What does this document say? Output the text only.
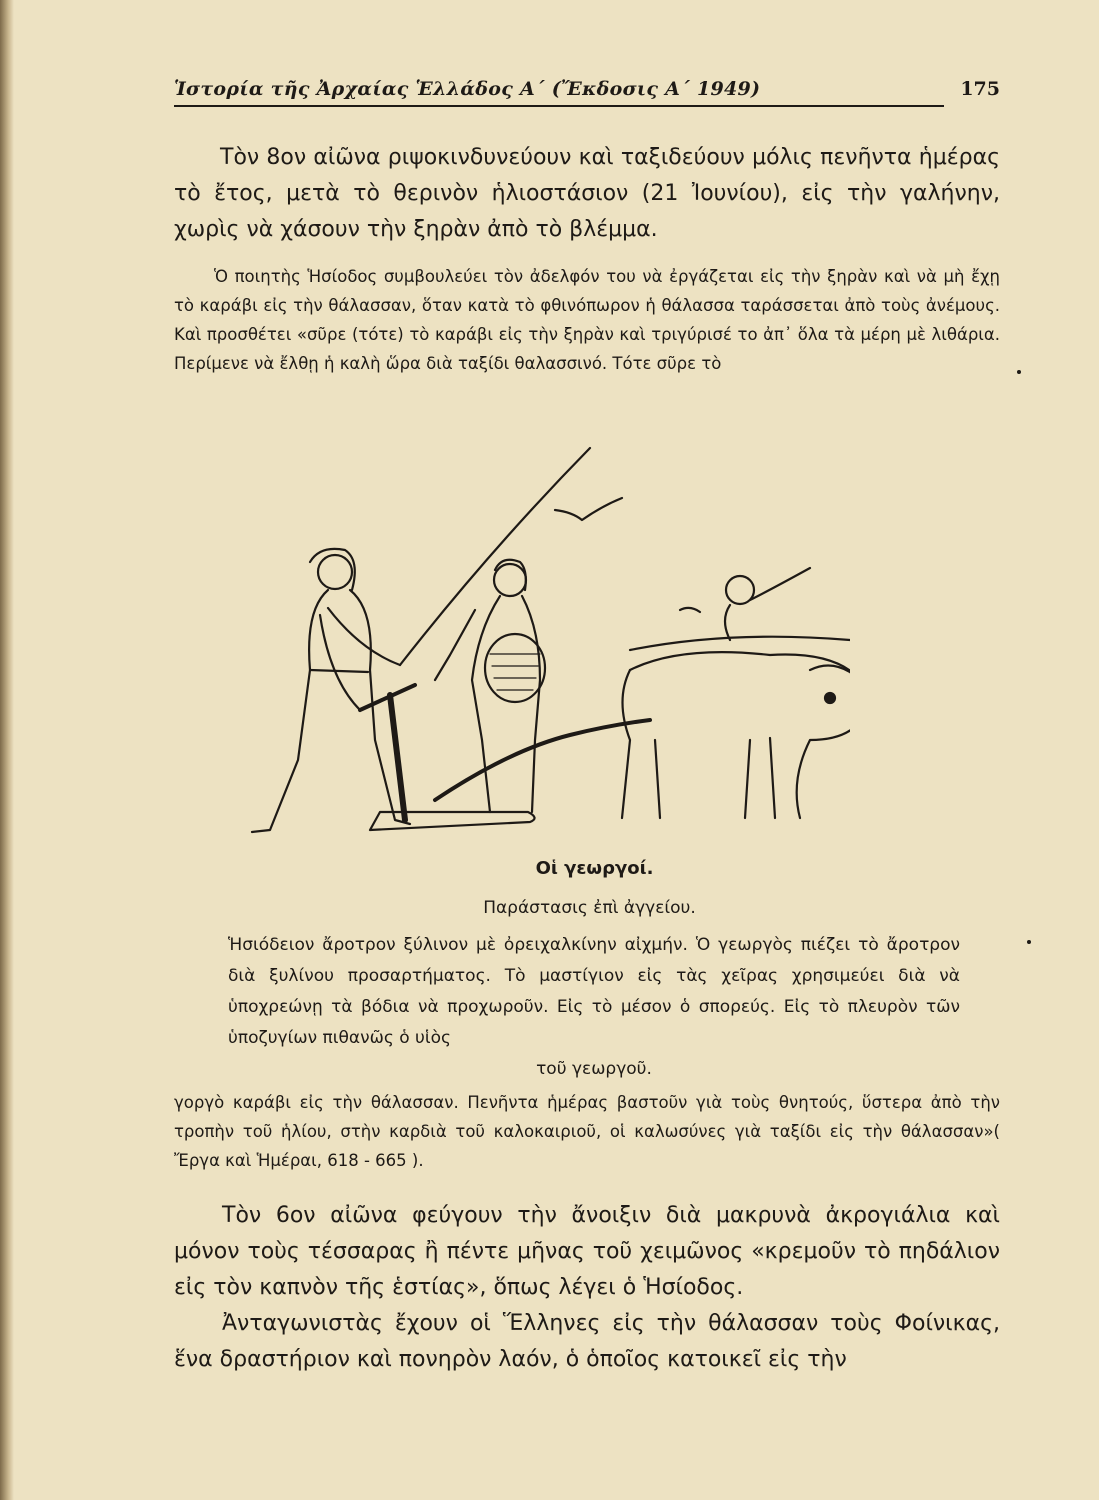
Ἱστορία τῆς Ἀρχαίας Ἑλλάδος Α΄ (Ἔκδοσις Α΄ 1949)	175

Τὸν 8ον αἰῶνα ριψοκινδυνεύουν καὶ ταξιδεύουν μόλις πενῆντα ἡμέρας τὸ ἔτος, μετὰ τὸ θερινὸν ἡλιοστάσιον (21 Ἰουνίου), εἰς τὴν γαλήνην, χωρὶς νὰ χάσουν τὴν ξηρὰν ἀπὸ τὸ βλέμμα.

Ὁ ποιητὴς Ἡσίοδος συμβουλεύει τὸν ἀδελφόν του νὰ ἐργάζεται εἰς τὴν ξηρὰν καὶ νὰ μὴ ἔχῃ τὸ καράβι εἰς τὴν θάλασσαν, ὅταν κατὰ τὸ φθινόπωρον ἡ θάλασσα ταράσσεται ἀπὸ τοὺς ἀνέμους. Καὶ προσθέτει «σῦρε (τότε) τὸ καράβι εἰς τὴν ξηρὰν καὶ τριγύρισέ το ἀπ᾽ ὅλα τὰ μέρη μὲ λιθάρια. Περίμενε νὰ ἔλθῃ ἡ καλὴ ὥρα διὰ ταξίδι θαλασσινό. Τότε σῦρε τὸ

Οἱ γεωργοί.
Παράστασις ἐπὶ ἀγγείου.
Ἡσιόδειον ἄροτρον ξύλινον μὲ ὀρειχαλκίνην αἰχμήν. Ὁ γεωργὸς πιέζει τὸ ἄροτρον διὰ ξυλίνου προσαρτήματος. Τὸ μαστίγιον εἰς τὰς χεῖρας χρησιμεύει διὰ νὰ ὑποχρεώνῃ τὰ βόδια νὰ προχωροῦν. Εἰς τὸ μέσον ὁ σπορεύς. Εἰς τὸ πλευρὸν τῶν ὑποζυγίων πιθανῶς ὁ υἱὸς
τοῦ γεωργοῦ.

γοργὸ καράβι εἰς τὴν θάλασσαν. Πενῆντα ἡμέρας βαστοῦν γιὰ τοὺς θνητούς, ὕστερα ἀπὸ τὴν τροπὴν τοῦ ἡλίου, στὴν καρδιὰ τοῦ καλοκαιριοῦ, οἱ καλωσύνες γιὰ ταξίδι εἰς τὴν θάλασσαν»( Ἔργα καὶ Ἡμέραι, 618 - 665 ).

Τὸν 6ον αἰῶνα φεύγουν τὴν ἄνοιξιν διὰ μακρυνὰ ἀκρογιάλια καὶ μόνον τοὺς τέσσαρας ἢ πέντε μῆνας τοῦ χειμῶνος «κρεμοῦν τὸ πηδάλιον εἰς τὸν καπνὸν τῆς ἑστίας», ὅπως λέγει ὁ Ἡσίοδος.

Ἀνταγωνιστὰς ἔχουν οἱ Ἕλληνες εἰς τὴν θάλασσαν τοὺς Φοίνικας, ἕνα δραστήριον καὶ πονηρὸν λαόν, ὁ ὁποῖος κατοικεῖ εἰς τὴν
